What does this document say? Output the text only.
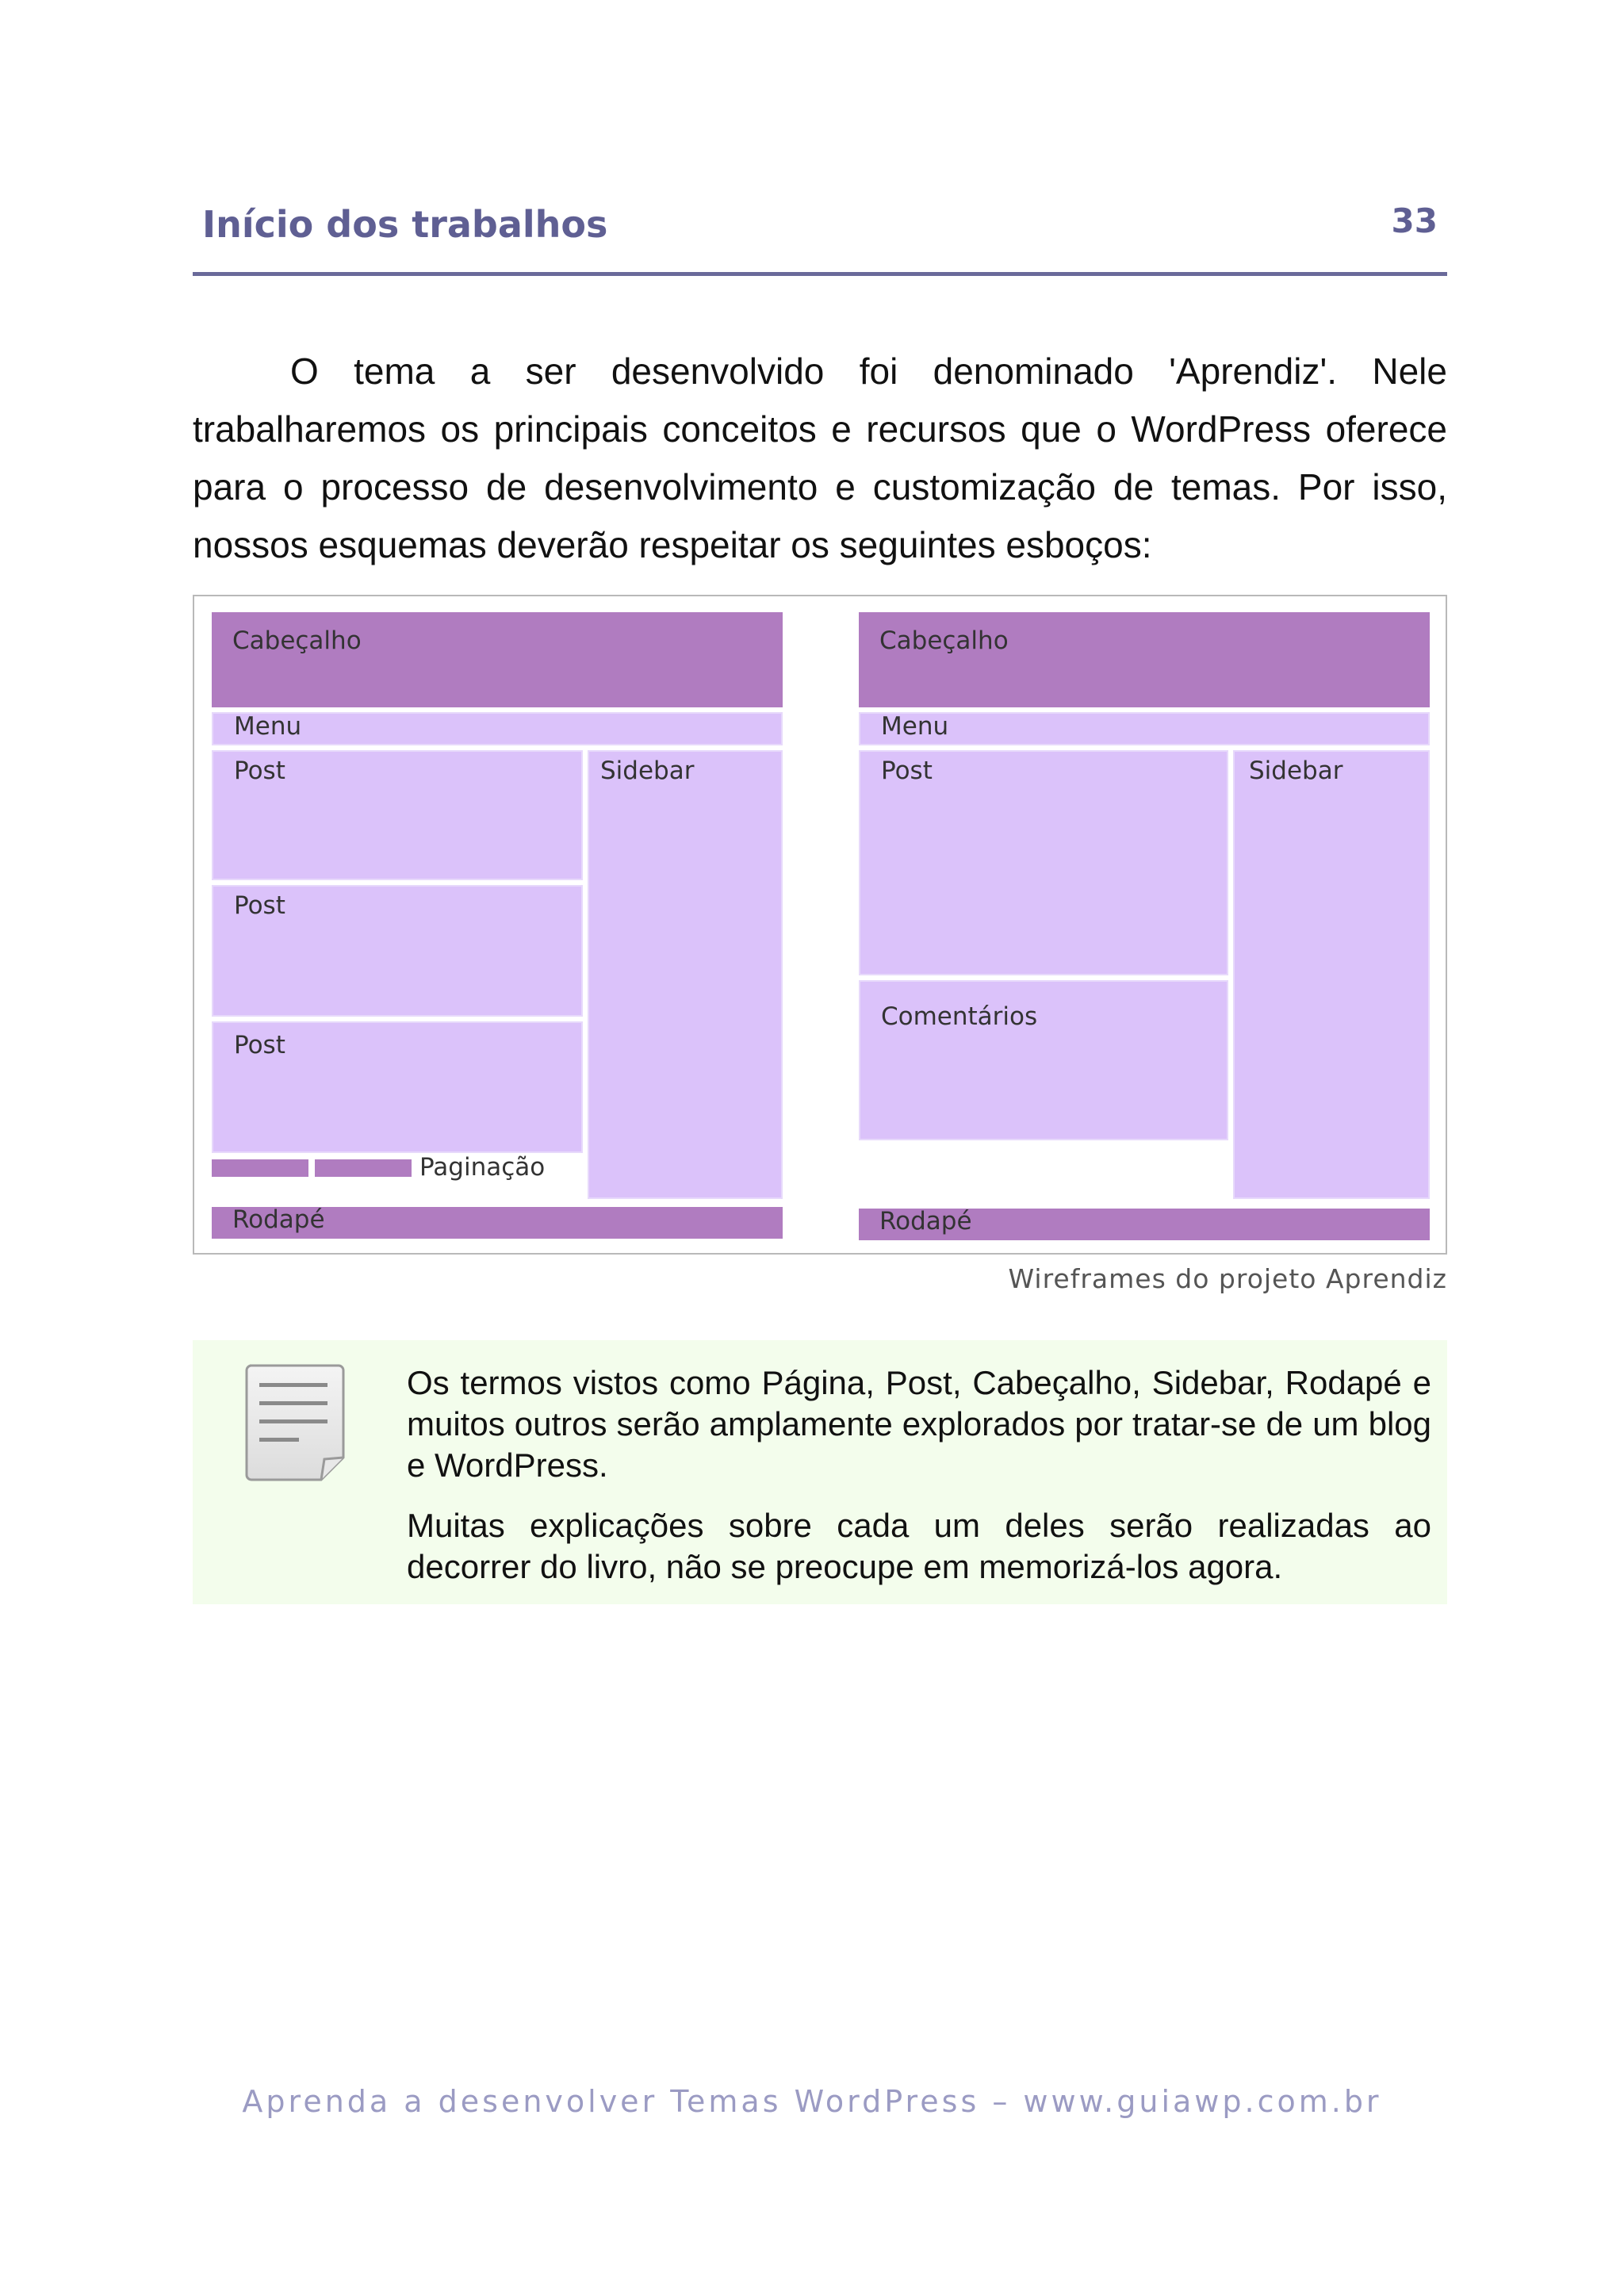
Início dos trabalhos	33

O tema a ser desenvolvido foi denominado 'Aprendiz'. Nele trabalharemos os principais conceitos e recursos que o WordPress oferece para o processo de desenvolvimento e customização de temas. Por isso, nossos esquemas deverão respeitar os seguintes esboços:

Cabeçalho
Menu
Post
Post
Post
Paginação
Sidebar
Rodapé
Cabeçalho
Menu
Post
Comentários
Sidebar
Rodapé
Wireframes do projeto Aprendiz

Os termos vistos como Página, Post, Cabeçalho, Sidebar, Rodapé e muitos outros serão amplamente explorados por tratar-se de um blog e WordPress.

Muitas explicações sobre cada um deles serão realizadas ao decorrer do livro, não se preocupe em memorizá-los agora.

Aprenda a desenvolver Temas WordPress – www.guiawp.com.br
